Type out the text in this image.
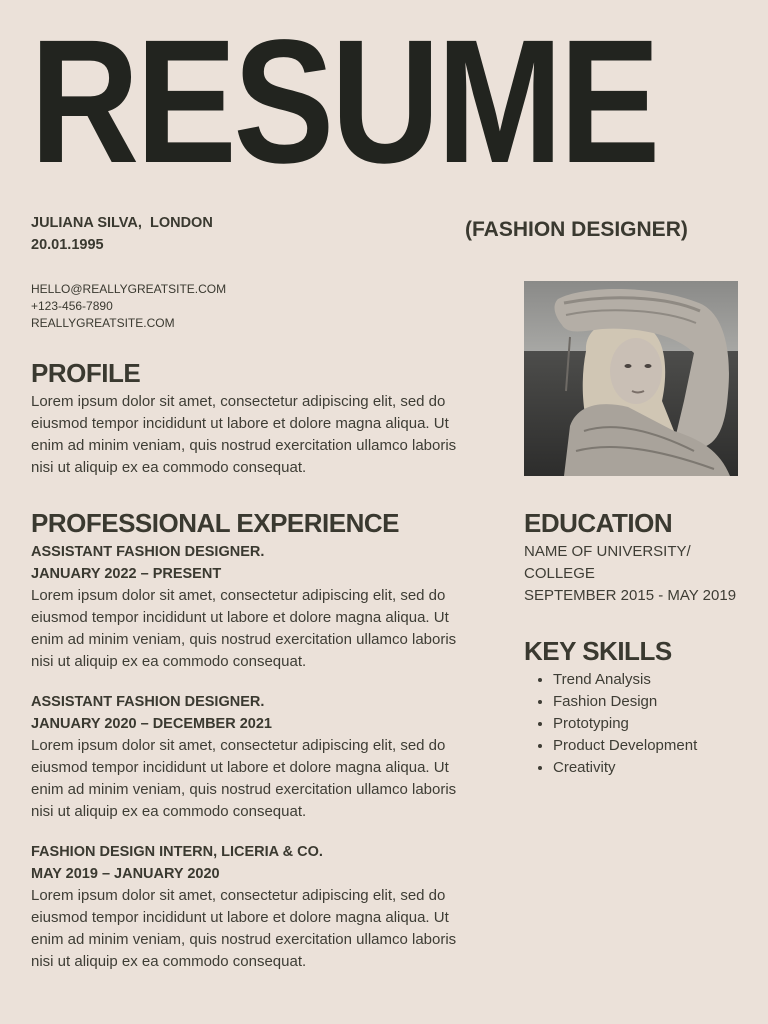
RESUME
JULIANA SILVA,  LONDON
20.01.1995
(FASHION DESIGNER)
HELLO@REALLYGREATSITE.COM
+123-456-7890
REALLYGREATSITE.COM
PROFILE

Lorem ipsum dolor sit amet, consectetur adipiscing elit, sed do eiusmod tempor incididunt ut labore et dolore magna aliqua. Ut enim ad minim veniam, quis nostrud exercitation ullamco laboris nisi ut aliquip ex ea commodo consequat.

PROFESSIONAL EXPERIENCE
ASSISTANT FASHION DESIGNER.
JANUARY 2022 – PRESENT

Lorem ipsum dolor sit amet, consectetur adipiscing elit, sed do eiusmod tempor incididunt ut labore et dolore magna aliqua. Ut enim ad minim veniam, quis nostrud exercitation ullamco laboris nisi ut aliquip ex ea commodo consequat.

ASSISTANT FASHION DESIGNER.
JANUARY 2020 – DECEMBER 2021

Lorem ipsum dolor sit amet, consectetur adipiscing elit, sed do eiusmod tempor incididunt ut labore et dolore magna aliqua. Ut enim ad minim veniam, quis nostrud exercitation ullamco laboris nisi ut aliquip ex ea commodo consequat.

FASHION DESIGN INTERN, LICERIA & CO.
MAY 2019 – JANUARY 2020

Lorem ipsum dolor sit amet, consectetur adipiscing elit, sed do eiusmod tempor incididunt ut labore et dolore magna aliqua. Ut enim ad minim veniam, quis nostrud exercitation ullamco laboris nisi ut aliquip ex ea commodo consequat.

EDUCATION
NAME OF UNIVERSITY/
COLLEGE
SEPTEMBER 2015 - MAY 2019
KEY SKILLS
• Trend Analysis
• Fashion Design
• Prototyping
• Product Development
• Creativity
